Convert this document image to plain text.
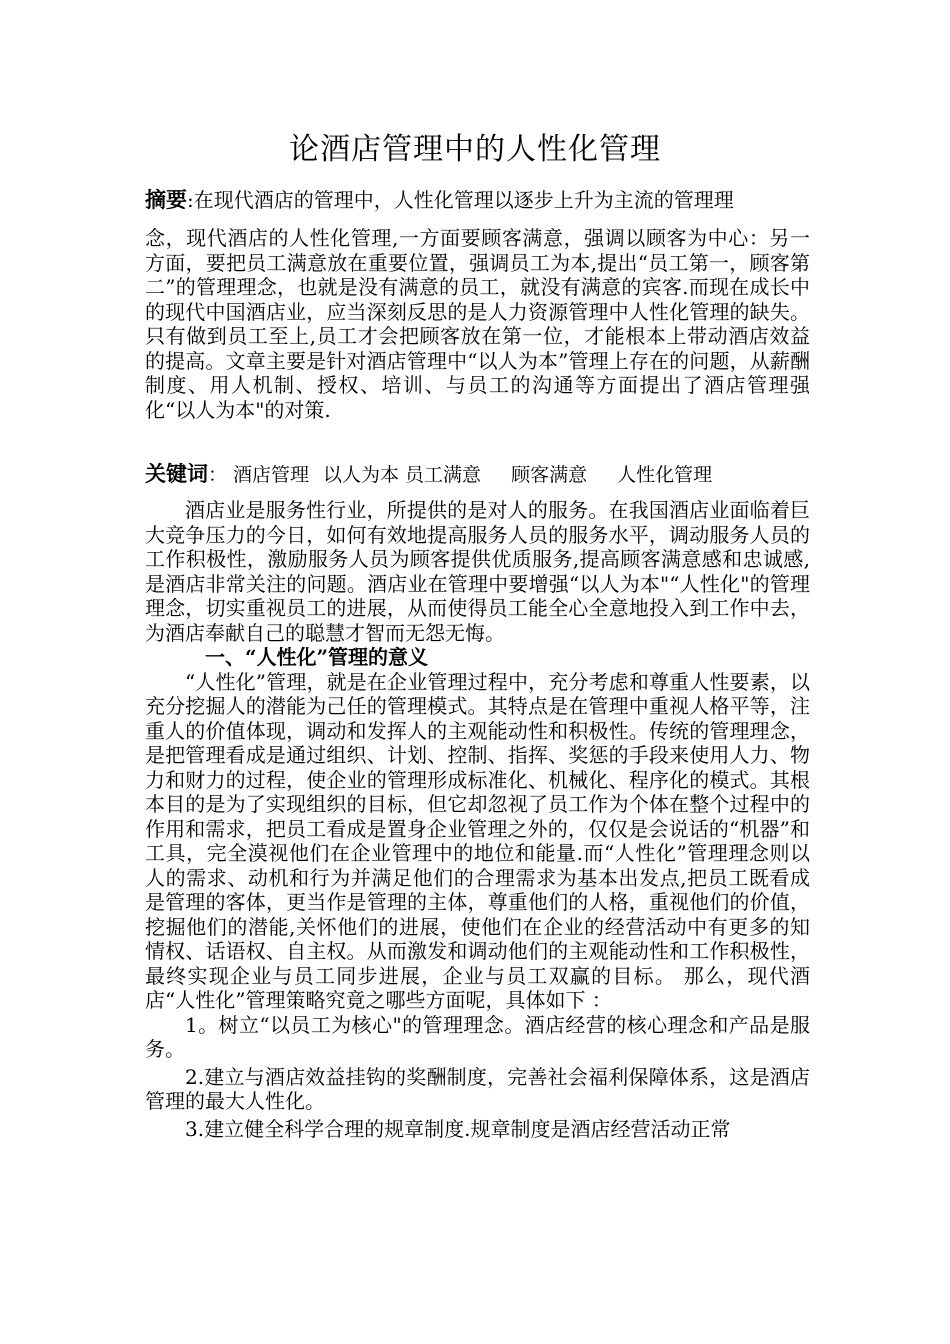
论酒店管理中的人性化管理
摘要:在现代酒店的管理中，人性化管理以逐步上升为主流的管理理
念，现代酒店的人性化管理,一方面要顾客满意，强调以顾客为中心：另一方面，要把员工满意放在重要位置，强调员工为本,提出“员工第一，顾客第二”的管理理念，也就是没有满意的员工，就没有满意的宾客.而现在成长中的现代中国酒店业，应当深刻反思的是人力资源管理中人性化管理的缺失。只有做到员工至上,员工才会把顾客放在第一位，才能根本上带动酒店效益的提高。文章主要是针对酒店管理中“以人为本”管理上存在的问题，从薪酬制度、用人机制、授权、培训、与员工的沟通等方面提出了酒店管理强化“以人为本"的对策.
关键词： 酒店管理 以人为本 员工满意 顾客满意 人性化管理

酒店业是服务性行业，所提供的是对人的服务。在我国酒店业面临着巨大竞争压力的今日，如何有效地提高服务人员的服务水平，调动服务人员的工作积极性，激励服务人员为顾客提供优质服务,提高顾客满意感和忠诚感,是酒店非常关注的问题。酒店业在管理中要增强“以人为本"“人性化"的管理理念，切实重视员工的进展，从而使得员工能全心全意地投入到工作中去，为酒店奉献自己的聪慧才智而无怨无悔。

一、“人性化”管理的意义

“人性化”管理，就是在企业管理过程中，充分考虑和尊重人性要素，以充分挖掘人的潜能为己任的管理模式。其特点是在管理中重视人格平等，注重人的价值体现，调动和发挥人的主观能动性和积极性。传统的管理理念，是把管理看成是通过组织、计划、控制、指挥、奖惩的手段来使用人力、物力和财力的过程，使企业的管理形成标准化、机械化、程序化的模式。其根本目的是为了实现组织的目标，但它却忽视了员工作为个体在整个过程中的作用和需求，把员工看成是置身企业管理之外的，仅仅是会说话的“机器”和工具，完全漠视他们在企业管理中的地位和能量.而“人性化”管理理念则以人的需求、动机和行为并满足他们的合理需求为基本出发点,把员工既看成是管理的客体，更当作是管理的主体，尊重他们的人格，重视他们的价值，挖掘他们的潜能,关怀他们的进展，使他们在企业的经营活动中有更多的知情权、话语权、自主权。从而激发和调动他们的主观能动性和工作积极性，最终实现企业与员工同步进展，企业与员工双赢的目标。 那么，现代酒店“人性化”管理策略究竟之哪些方面呢，具体如下 ：

1。树立“以员工为核心"的管理理念。酒店经营的核心理念和产品是服务。

2.建立与酒店效益挂钩的奖酬制度，完善社会福利保障体系，这是酒店管理的最大人性化。

3.建立健全科学合理的规章制度.规章制度是酒店经营活动正常
